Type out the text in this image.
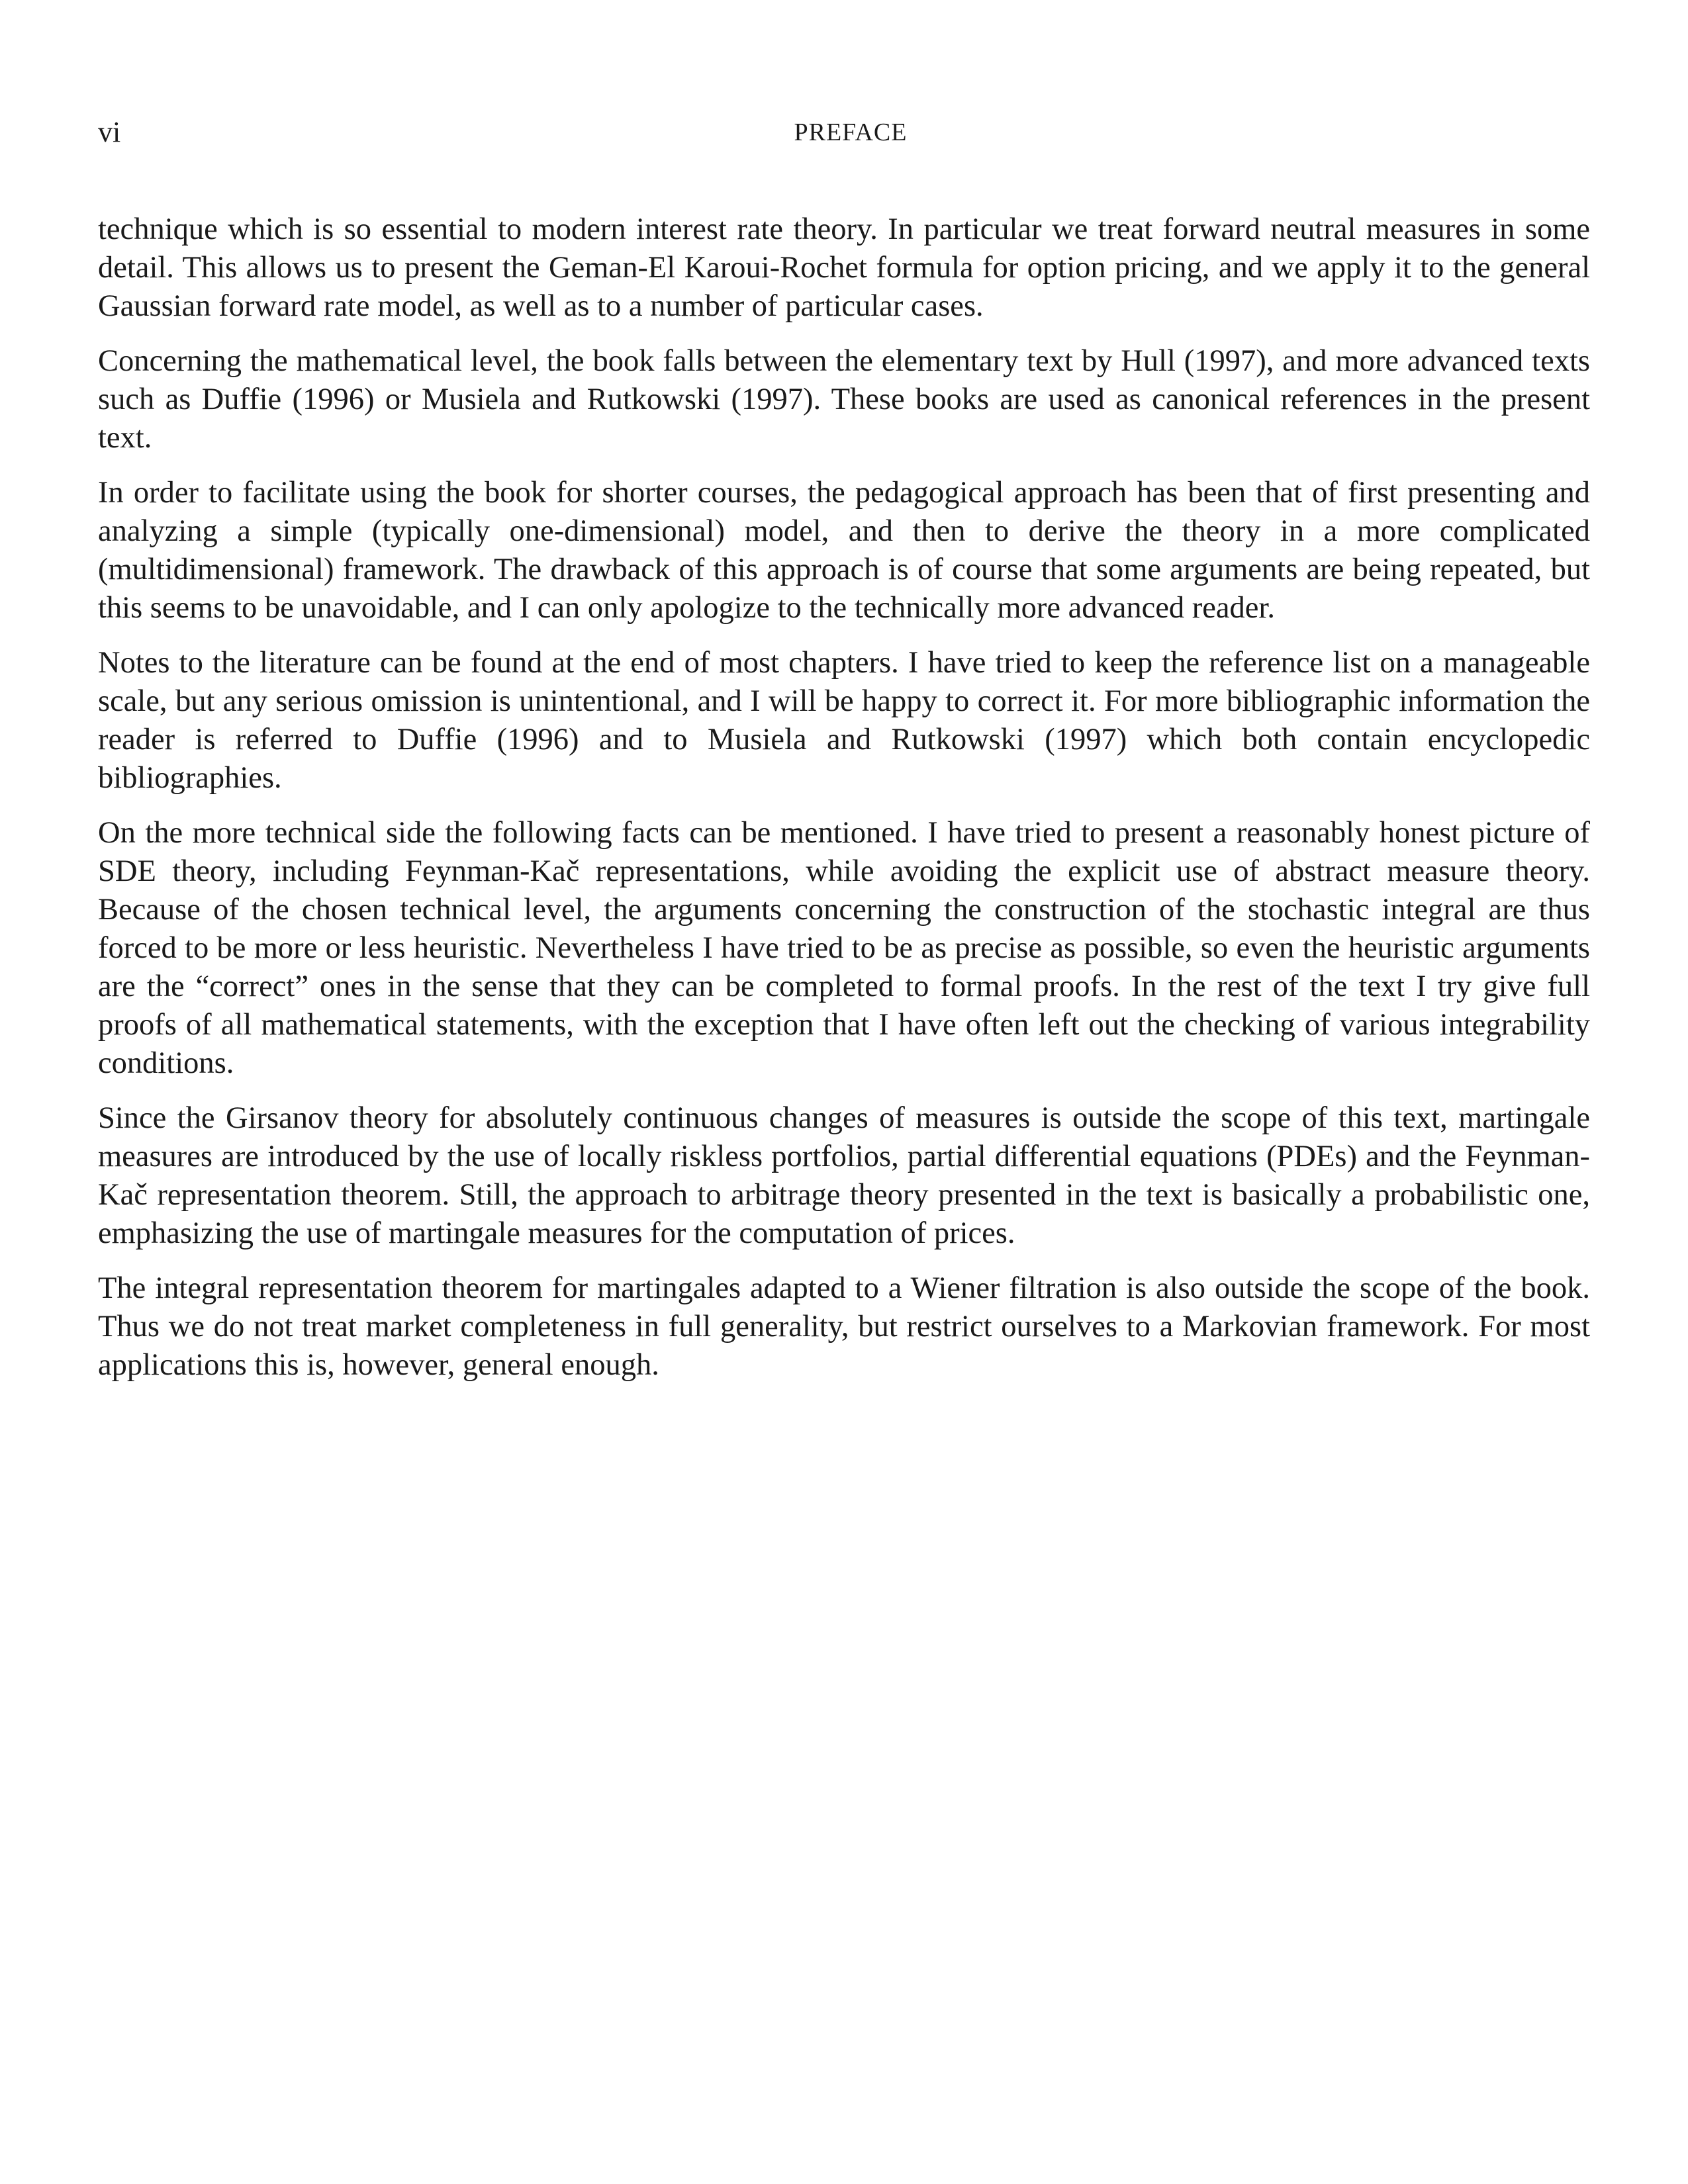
vi	PREFACE

technique which is so essential to modern interest rate theory. In particular we treat forward neutral measures in some detail. This allows us to present the Geman-El Karoui-Rochet formula for option pricing, and we apply it to the general Gaussian forward rate model, as well as to a number of particular cases.

Concerning the mathematical level, the book falls between the elementary text by Hull (1997), and more advanced texts such as Duffie (1996) or Musiela and Rutkowski (1997). These books are used as canonical references in the present text.

In order to facilitate using the book for shorter courses, the pedagogical approach has been that of first presenting and analyzing a simple (typically one-dimensional) model, and then to derive the theory in a more complicated (multidimensional) framework. The drawback of this approach is of course that some arguments are being repeated, but this seems to be unavoidable, and I can only apologize to the technically more advanced reader.

Notes to the literature can be found at the end of most chapters. I have tried to keep the reference list on a manageable scale, but any serious omission is unintentional, and I will be happy to correct it. For more bibliographic information the reader is referred to Duffie (1996) and to Musiela and Rutkowski (1997) which both contain encyclopedic bibliographies.

On the more technical side the following facts can be mentioned. I have tried to present a reasonably honest picture of SDE theory, including Feynman-Kač representations, while avoiding the explicit use of abstract measure theory. Because of the chosen technical level, the arguments concerning the construction of the stochastic integral are thus forced to be more or less heuristic. Nevertheless I have tried to be as precise as possible, so even the heuristic arguments are the “correct” ones in the sense that they can be completed to formal proofs. In the rest of the text I try give full proofs of all mathematical statements, with the exception that I have often left out the checking of various integrability conditions.

Since the Girsanov theory for absolutely continuous changes of measures is outside the scope of this text, martingale measures are introduced by the use of locally riskless portfolios, partial differential equations (PDEs) and the Feynman-Kač representation theorem. Still, the approach to arbitrage theory presented in the text is basically a probabilistic one, emphasizing the use of martingale measures for the computation of prices.

The integral representation theorem for martingales adapted to a Wiener filtration is also outside the scope of the book. Thus we do not treat market completeness in full generality, but restrict ourselves to a Markovian framework. For most applications this is, however, general enough.
